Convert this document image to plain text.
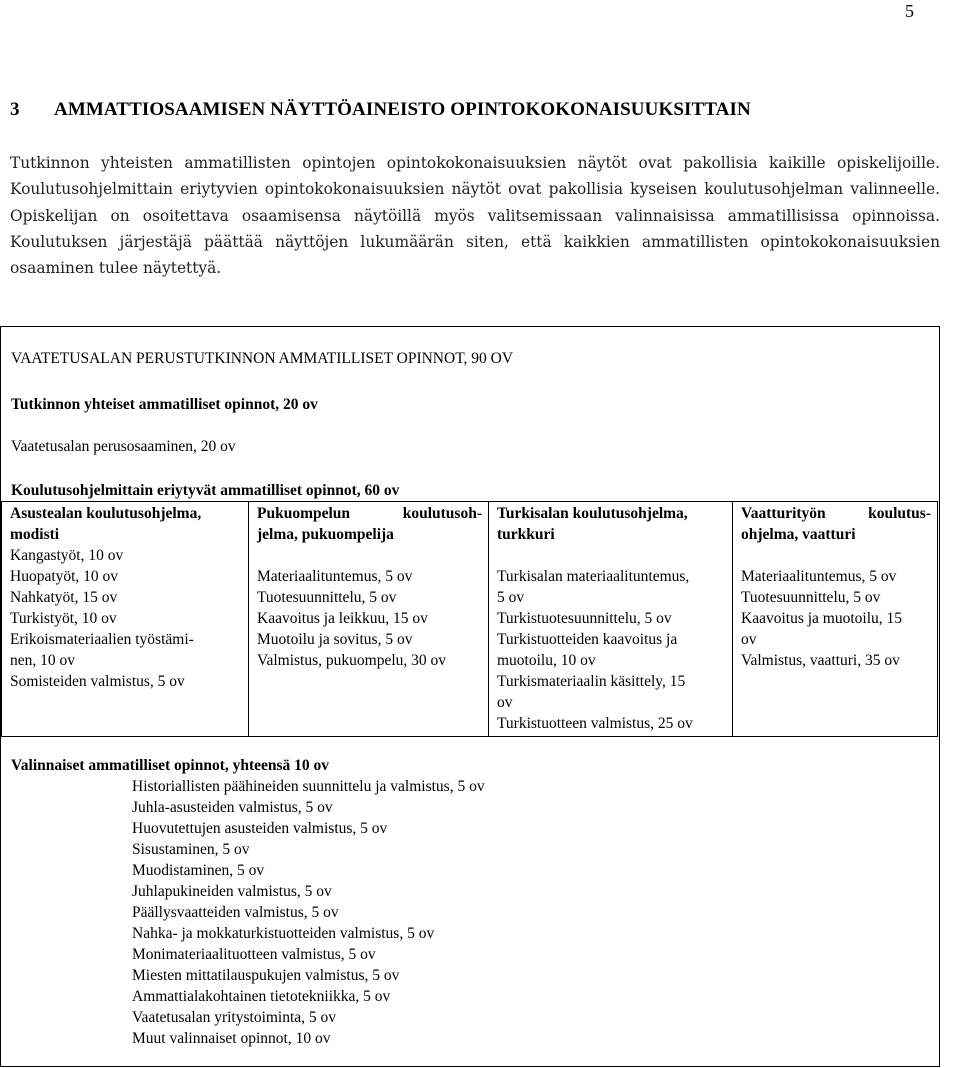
5
3 AMMATTIOSAAMISEN NÄYTTÖAINEISTO OPINTOKOKONAISUUKSITTAIN

Tutkinnon yhteisten ammatillisten opintojen opintokokonaisuuksien näytöt ovat pakollisia kaikille opiskelijoille. Koulutusohjelmittain eriytyvien opintokokonaisuuksien näytöt ovat pakollisia kyseisen koulutusohjelman valinneelle. Opiskelijan on osoitettava osaamisensa näytöillä myös valitsemissaan valinnaisissa ammatillisissa opinnoissa. Koulutuksen järjestäjä päättää näyttöjen lukumäärän siten, että kaikkien ammatillisten opintokokonaisuuksien osaaminen tulee näytettyä.

VAATETUSALAN PERUSTUTKINNON AMMATILLISET OPINNOT, 90 OV
Tutkinnon yhteiset ammatilliset opinnot, 20 ov
Vaatetusalan perusosaaminen, 20 ov
Koulutusohjelmittain eriytyvät ammatilliset opinnot, 60 ov
Asustealan koulutusohjelma,
modisti
Kangastyöt, 10 ov
Huopatyöt, 10 ov
Nahkatyöt, 15 ov
Turkistyöt, 10 ov
Erikoismateriaalien työstämi-
nen, 10 ov
Somisteiden valmistus, 5 ov
Pukuompelun koulutusoh-
jelma, pukuompelija
Materiaalituntemus, 5 ov
Tuotesuunnittelu, 5 ov
Kaavoitus ja leikkuu, 15 ov
Muotoilu ja sovitus, 5 ov
Valmistus, pukuompelu, 30 ov
Turkisalan koulutusohjelma,
turkkuri
Turkisalan materiaalituntemus,
5 ov
Turkistuotesuunnittelu, 5 ov
Turkistuotteiden kaavoitus ja
muotoilu, 10 ov
Turkismateriaalin käsittely, 15
ov
Turkistuotteen valmistus, 25 ov
Vaatturityön koulutus-
ohjelma, vaatturi
Materiaalituntemus, 5 ov
Tuotesuunnittelu, 5 ov
Kaavoitus ja muotoilu, 15
ov
Valmistus, vaatturi, 35 ov
Valinnaiset ammatilliset opinnot, yhteensä 10 ov
Historiallisten päähineiden suunnittelu ja valmistus, 5 ov
Juhla-asusteiden valmistus, 5 ov
Huovutettujen asusteiden valmistus, 5 ov
Sisustaminen, 5 ov
Muodistaminen, 5 ov
Juhlapukineiden valmistus, 5 ov
Päällysvaatteiden valmistus, 5 ov
Nahka- ja mokkaturkistuotteiden valmistus, 5 ov
Monimateriaalituotteen valmistus, 5 ov
Miesten mittatilauspukujen valmistus, 5 ov
Ammattialakohtainen tietotekniikka, 5 ov
Vaatetusalan yritystoiminta, 5 ov
Muut valinnaiset opinnot, 10 ov
